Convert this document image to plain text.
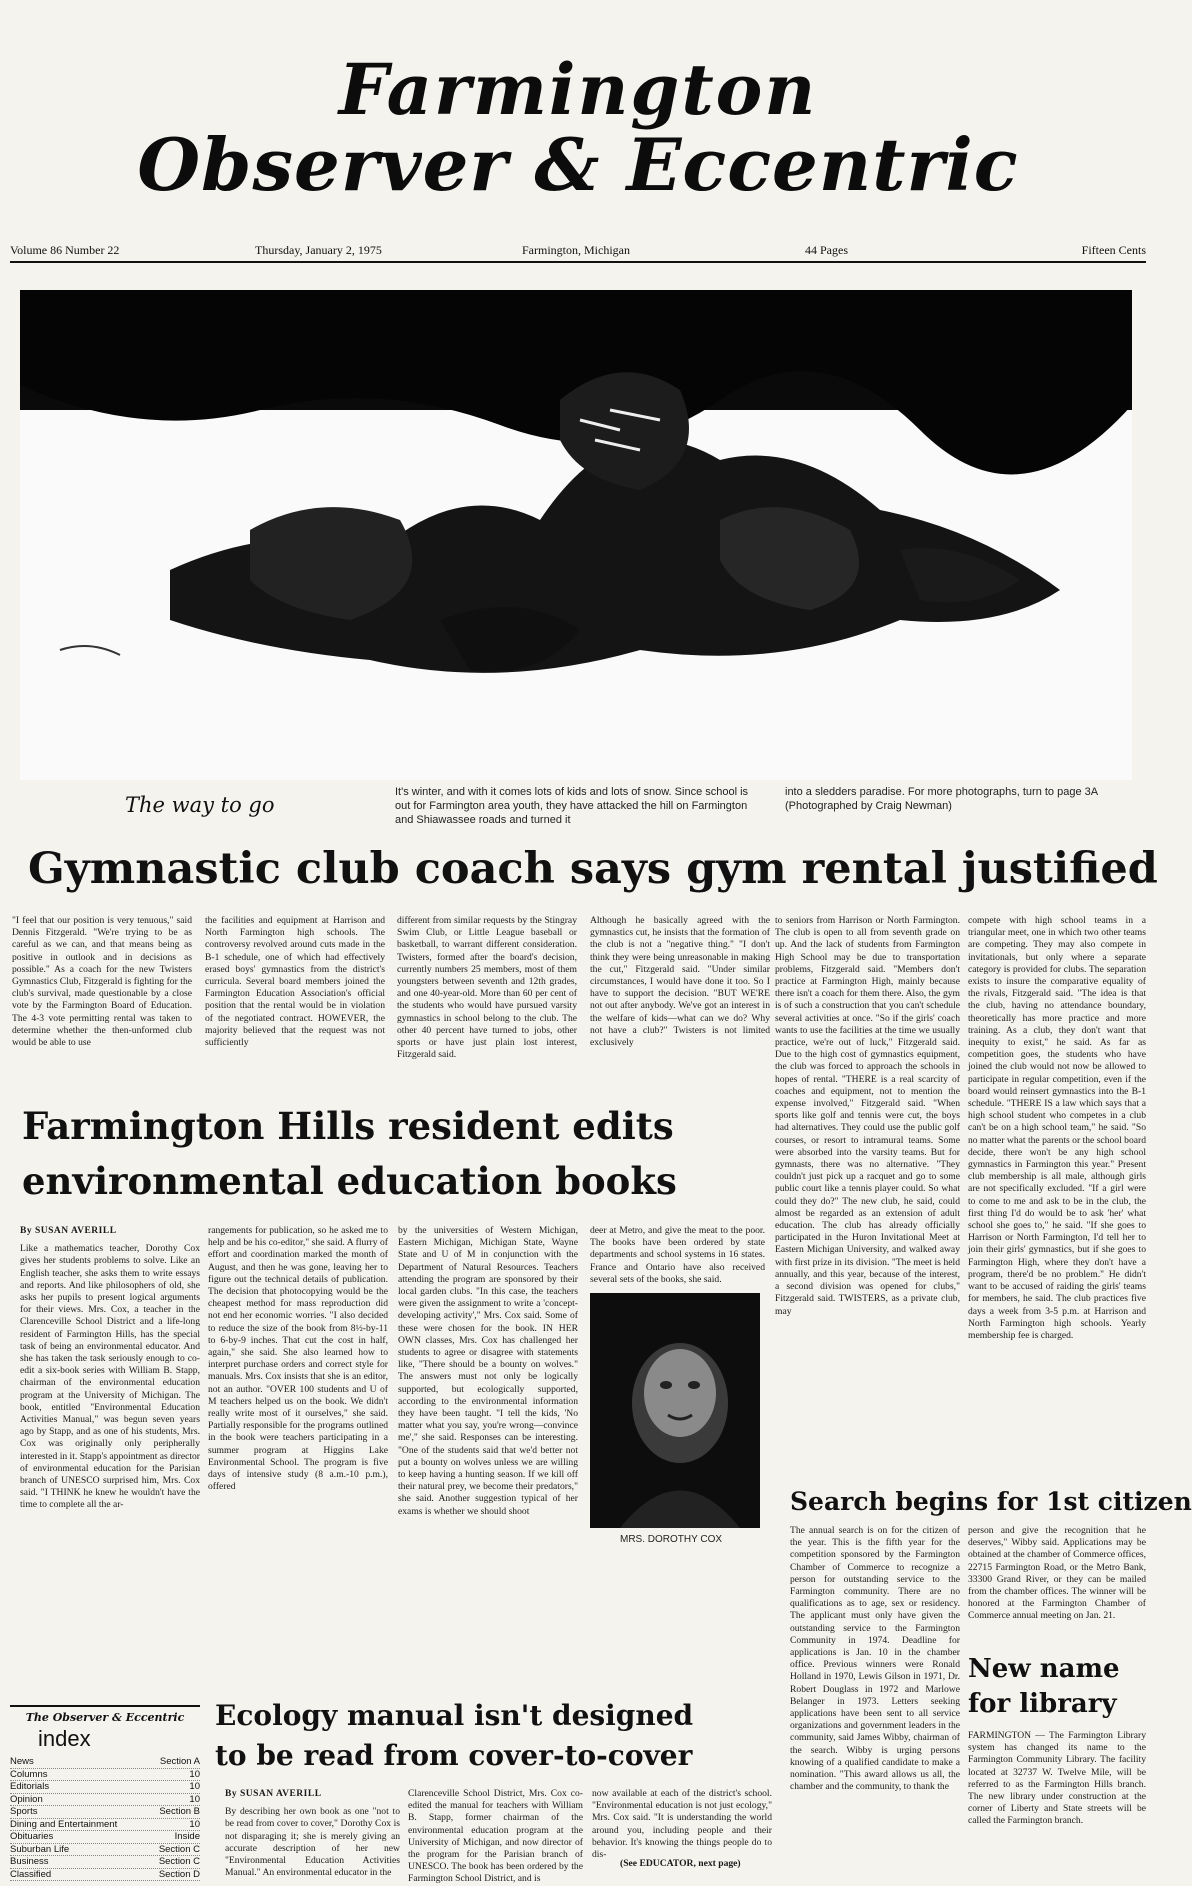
Farmington
Observer & Eccentric
Volume 86 Number 22	Thursday, January 2, 1975	Farmington, Michigan	44 Pages	Fifteen Cents
The way to go
It's winter, and with it comes lots of kids and lots of snow. Since school is out for Farmington area youth, they have attacked the hill on Farmington and Shiawassee roads and turned it
into a sledders paradise. For more photographs, turn to page 3A (Photographed by Craig Newman)
Gymnastic club coach says gym rental justified
"I feel that our position is very tenuous," said Dennis Fitzgerald. "We're trying to be as careful as we can, and that means being as positive in outlook and in decisions as possible." As a coach for the new Twisters Gymnastics Club, Fitzgerald is fighting for the club's survival, made questionable by a close vote by the Farmington Board of Education. The 4-3 vote permitting rental was taken to determine whether the then-unformed club would be able to use
the facilities and equipment at Harrison and North Farmington high schools. The controversy revolved around cuts made in the B-1 schedule, one of which had effectively erased boys' gymnastics from the district's curricula. Several board members joined the Farmington Education Association's official position that the rental would be in violation of the negotiated contract. HOWEVER, the majority believed that the request was not sufficiently
different from similar requests by the Stingray Swim Club, or Little League baseball or basketball, to warrant different consideration. Twisters, formed after the board's decision, currently numbers 25 members, most of them youngsters between seventh and 12th grades, and one 40-year-old. More than 60 per cent of the students who would have pursued varsity gymnastics in school belong to the club. The other 40 percent have turned to jobs, other sports or have just plain lost interest, Fitzgerald said.
Although he basically agreed with the gymnastics cut, he insists that the formation of the club is not a "negative thing." "I don't think they were being unreasonable in making the cut," Fitzgerald said. "Under similar circumstances, I would have done it too. So I have to support the decision. "BUT WE'RE not out after anybody. We've got an interest in the welfare of kids—what can we do? Why not have a club?" Twisters is not limited exclusively
to seniors from Harrison or North Farmington. The club is open to all from seventh grade on up. And the lack of students from Farmington High School may be due to transportation problems, Fitzgerald said. "Members don't practice at Farmington High, mainly because there isn't a coach for them there. Also, the gym is of such a construction that you can't schedule several activities at once. "So if the girls' coach wants to use the facilities at the time we usually practice, we're out of luck," Fitzgerald said. Due to the high cost of gymnastics equipment, the club was forced to approach the schools in hopes of rental. "THERE is a real scarcity of coaches and equipment, not to mention the expense involved," Fitzgerald said. "When sports like golf and tennis were cut, the boys had alternatives. They could use the public golf courses, or resort to intramural teams. Some were absorbed into the varsity teams. But for gymnasts, there was no alternative. "They couldn't just pick up a racquet and go to some public court like a tennis player could. So what could they do?" The new club, he said, could almost be regarded as an extension of adult education. The club has already officially participated in the Huron Invitational Meet at Eastern Michigan University, and walked away with first prize in its division. "The meet is held annually, and this year, because of the interest, a second division was opened for clubs," Fitzgerald said. TWISTERS, as a private club, may
compete with high school teams in a triangular meet, one in which two other teams are competing. They may also compete in invitationals, but only where a separate category is provided for clubs. The separation exists to insure the comparative equality of the rivals, Fitzgerald said. "The idea is that the club, having no attendance boundary, theoretically has more practice and more training. As a club, they don't want that inequity to exist," he said. As far as competition goes, the students who have joined the club would not now be allowed to participate in regular competition, even if the board would reinsert gymnastics into the B-1 schedule. "THERE IS a law which says that a high school student who competes in a club can't be on a high school team," he said. "So no matter what the parents or the school board decide, there won't be any high school gymnastics in Farmington this year." Present club membership is all male, although girls are not specifically excluded. "If a girl were to come to me and ask to be in the club, the first thing I'd do would be to ask 'her' what school she goes to," he said. "If she goes to Harrison or North Farmington, I'd tell her to join their girls' gymnastics, but if she goes to Farmington High, where they don't have a program, there'd be no problem." He didn't want to be accused of raiding the girls' teams for members, he said. The club practices five days a week from 3-5 p.m. at Harrison and North Farmington high schools. Yearly membership fee is charged.
Farmington Hills resident edits
environmental education books
By SUSAN AVERILL
Like a mathematics teacher, Dorothy Cox gives her students problems to solve. Like an English teacher, she asks them to write essays and reports. And like philosophers of old, she asks her pupils to present logical arguments for their views. Mrs. Cox, a teacher in the Clarenceville School District and a life-long resident of Farmington Hills, has the special task of being an environmental educator. And she has taken the task seriously enough to co-edit a six-book series with William B. Stapp, chairman of the environmental education program at the University of Michigan. The book, entitled "Environmental Education Activities Manual," was begun seven years ago by Stapp, and as one of his students, Mrs. Cox was originally only peripherally interested in it. Stapp's appointment as director of environmental education for the Parisian branch of UNESCO surprised him, Mrs. Cox said. "I THINK he knew he wouldn't have the time to complete all the ar-
rangements for publication, so he asked me to help and be his co-editor," she said. A flurry of effort and coordination marked the month of August, and then he was gone, leaving her to figure out the technical details of publication. The decision that photocopying would be the cheapest method for mass reproduction did not end her economic worries. "I also decided to reduce the size of the book from 8½-by-11 to 6-by-9 inches. That cut the cost in half, again," she said. She also learned how to interpret purchase orders and correct style for manuals. Mrs. Cox insists that she is an editor, not an author. "OVER 100 students and U of M teachers helped us on the book. We didn't really write most of it ourselves," she said. Partially responsible for the programs outlined in the book were teachers participating in a summer program at Higgins Lake Environmental School. The program is five days of intensive study (8 a.m.-10 p.m.), offered
by the universities of Western Michigan, Eastern Michigan, Michigan State, Wayne State and U of M in conjunction with the Department of Natural Resources. Teachers attending the program are sponsored by their local garden clubs. "In this case, the teachers were given the assignment to write a 'concept-developing activity'," Mrs. Cox said. Some of these were chosen for the book. IN HER OWN classes, Mrs. Cox has challenged her students to agree or disagree with statements like, "There should be a bounty on wolves." The answers must not only be logically supported, but ecologically supported, according to the environmental information they have been taught. "I tell the kids, 'No matter what you say, you're wrong—convince me'," she said. Responses can be interesting. "One of the students said that we'd better not put a bounty on wolves unless we are willing to keep having a hunting season. If we kill off their natural prey, we become their predators," she said. Another suggestion typical of her exams is whether we should shoot
deer at Metro, and give the meat to the poor. The books have been ordered by state departments and school systems in 16 states. France and Ontario have also received several sets of the books, she said.
MRS. DOROTHY COX
Search begins for 1st citizen
The annual search is on for the citizen of the year. This is the fifth year for the competition sponsored by the Farmington Chamber of Commerce to recognize a person for outstanding service to the Farmington community. There are no qualifications as to age, sex or residency. The applicant must only have given the outstanding service to the Farmington Community in 1974. Deadline for applications is Jan. 10 in the chamber office. Previous winners were Ronald Holland in 1970, Lewis Gilson in 1971, Dr. Robert Douglass in 1972 and Marlowe Belanger in 1973. Letters seeking applications have been sent to all service organizations and government leaders in the community, said James Wibby, chairman of the search. Wibby is urging persons knowing of a qualified candidate to make a nomination. "This award allows us all, the chamber and the community, to thank the
person and give the recognition that he deserves," Wibby said. Applications may be obtained at the chamber of Commerce offices, 22715 Farmington Road, or the Metro Bank, 33300 Grand River, or they can be mailed from the chamber offices. The winner will be honored at the Farmington Chamber of Commerce annual meeting on Jan. 21.
New name
for library
FARMINGTON — The Farmington Library system has changed its name to the Farmington Community Library. The facility located at 32737 W. Twelve Mile, will be referred to as the Farmington Hills branch. The new library under construction at the corner of Liberty and State streets will be called the Farmington branch.
The Observer & Eccentric
index
News	Section A
Columns	10
Editorials	10
Opinion	10
Sports	Section B
Dining and Entertainment	10
Obituaries	Inside
Suburban Life	Section C
Business	Section C
Classified	Section D
Ecology manual isn't designed
to be read from cover-to-cover
By SUSAN AVERILL
By describing her own book as one "not to be read from cover to cover," Dorothy Cox is not disparaging it; she is merely giving an accurate description of her new "Environmental Education Activities Manual." An environmental educator in the
Clarenceville School District, Mrs. Cox co-edited the manual for teachers with William B. Stapp, former chairman of the environmental education program at the University of Michigan, and now director of the program for the Parisian branch of UNESCO. The book has been ordered by the Farmington School District, and is
now available at each of the district's school. "Environmental education is not just ecology," Mrs. Cox said. "It is understanding the world around you, including people and their behavior. It's knowing the things people do to dis-
(See EDUCATOR, next page)
